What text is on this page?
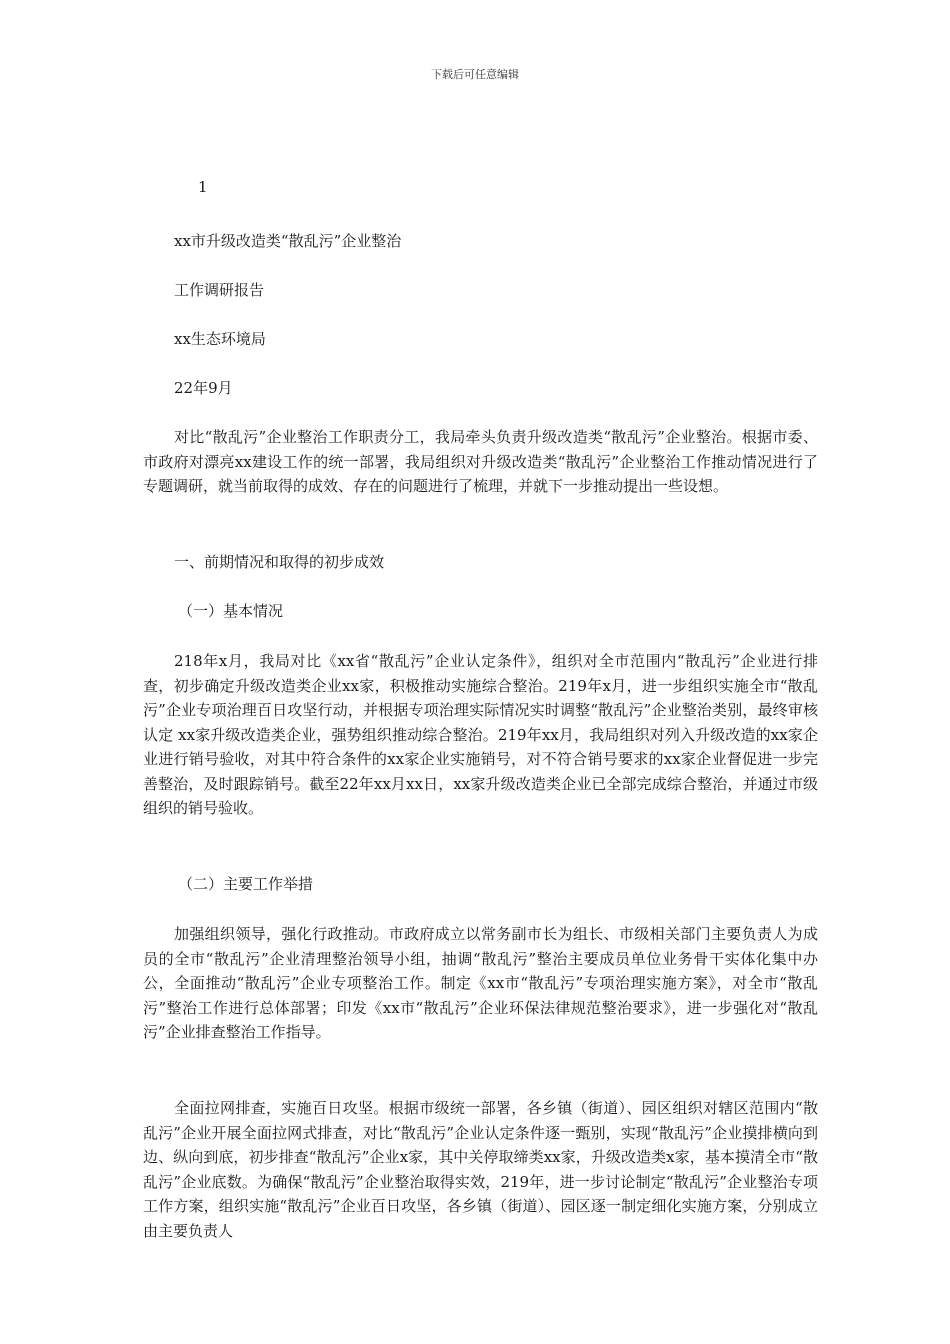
下载后可任意编辑
1
xx市升级改造类“散乱污”企业整治
工作调研报告
xx生态环境局
22年9月
对比“散乱污”企业整治工作职责分工，我局牵头负责升级改造类“散乱污”企业整治。根据市委、市政府对漂亮xx建设工作的统一部署，我局组织对升级改造类“散乱污”企业整治工作推动情况进行了专题调研，就当前取得的成效、存在的问题进行了梳理，并就下一步推动提出一些设想。
一、前期情况和取得的初步成效
（一）基本情况
218年x月，我局对比《xx省“散乱污”企业认定条件》，组织对全市范围内“散乱污”企业进行排查，初步确定升级改造类企业xx家，积极推动实施综合整治。219年x月，进一步组织实施全市“散乱污”企业专项治理百日攻坚行动，并根据专项治理实际情况实时调整“散乱污”企业整治类别，最终审核认定 xx家升级改造类企业，强势组织推动综合整治。219年xx月，我局组织对列入升级改造的xx家企业进行销号验收，对其中符合条件的xx家企业实施销号，对不符合销号要求的xx家企业督促进一步完善整治，及时跟踪销号。截至22年xx月xx日，xx家升级改造类企业已全部完成综合整治，并通过市级组织的销号验收。
（二）主要工作举措
加强组织领导，强化行政推动。市政府成立以常务副市长为组长、市级相关部门主要负责人为成员的全市“散乱污”企业清理整治领导小组，抽调“散乱污”整治主要成员单位业务骨干实体化集中办公，全面推动“散乱污”企业专项整治工作。制定《xx市“散乱污”专项治理实施方案》，对全市“散乱污”整治工作进行总体部署；印发《xx市“散乱污”企业环保法律规范整治要求》，进一步强化对“散乱污”企业排查整治工作指导。
全面拉网排查，实施百日攻坚。根据市级统一部署，各乡镇（街道）、园区组织对辖区范围内“散乱污”企业开展全面拉网式排查，对比“散乱污”企业认定条件逐一甄别，实现“散乱污”企业摸排横向到边、纵向到底，初步排查“散乱污”企业x家，其中关停取缔类xx家，升级改造类x家，基本摸清全市“散乱污”企业底数。为确保“散乱污”企业整治取得实效，219年，进一步讨论制定“散乱污”企业整治专项工作方案，组织实施“散乱污”企业百日攻坚，各乡镇（街道）、园区逐一制定细化实施方案，分别成立由主要负责人
